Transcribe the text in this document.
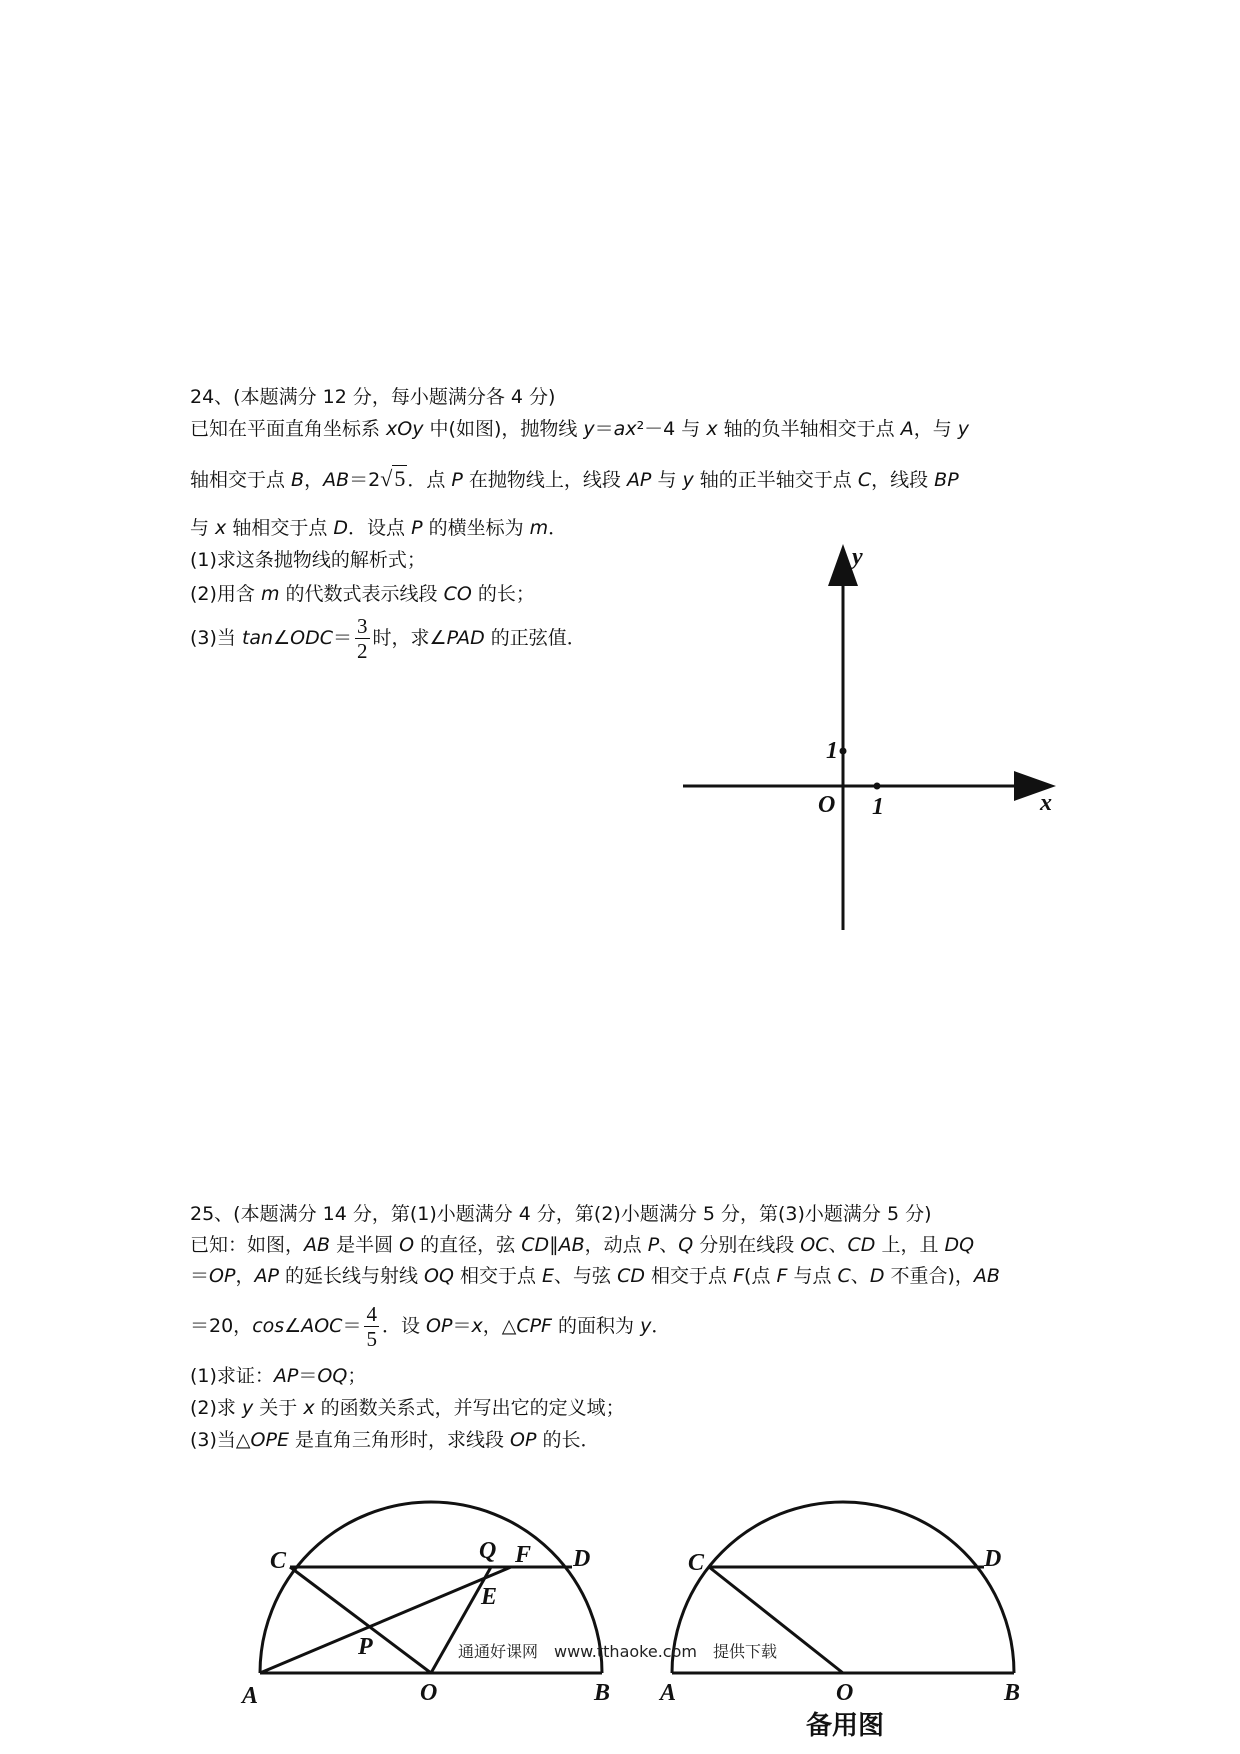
24、(本题满分 12 分，每小题满分各 4 分)
已知在平面直角坐标系 xOy 中(如图)，抛物线 y＝ax²－4 与 x 轴的负半轴相交于点 A，与 y
轴相交于点 B，AB＝2√5 ．点 P 在抛物线上，线段 AP 与 y 轴的正半轴交于点 C，线段 BP
与 x 轴相交于点 D．设点 P 的横坐标为 m．
(1)求这条抛物线的解析式；
(2)用含 m 的代数式表示线段 CO 的长；
(3)当 tan∠ODC＝ $\frac{3}{2}$ 时，求∠PAD 的正弦值．
y
x
O
1
1
25、(本题满分 14 分，第(1)小题满分 4 分，第(2)小题满分 5 分，第(3)小题满分 5 分)
已知：如图，AB 是半圆 O 的直径，弦 CD∥AB，动点 P、Q 分别在线段 OC、CD 上，且 DQ
＝OP，AP 的延长线与射线 OQ 相交于点 E、与弦 CD 相交于点 F(点 F 与点 C、D 不重合)，AB
＝20，cos∠AOC＝ $\frac{4}{5}$ ．设 OP＝x，△CPF 的面积为 y．
(1)求证：AP＝OQ；
(2)求 y 关于 x 的函数关系式，并写出它的定义域；
(3)当△OPE 是直角三角形时，求线段 OP 的长．
A	O	B
C	D
Q F
E
P
A	O	B
C	D
备用图
通通好课网　www.tthaoke.com　提供下载
